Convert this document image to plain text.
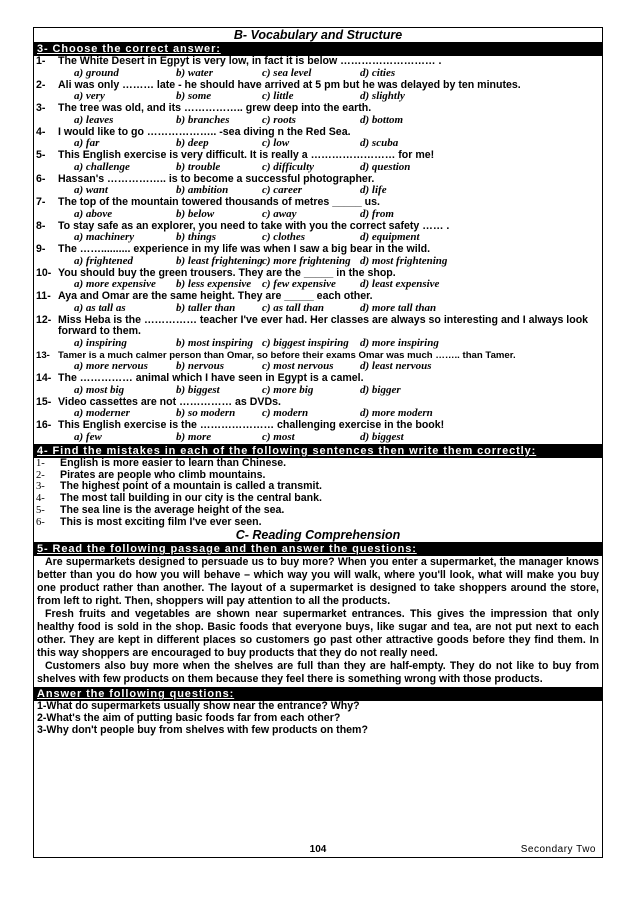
B- Vocabulary and Structure
3- Choose the correct answer:
1- The White Desert in Egpyt is very low, in fact it is below ……………………… .
a) ground	b) water	c) sea level	d) cities
2- Ali was only ……… late - he should have arrived at 5 pm but he was delayed by ten minutes.
a) very	b) some	c) little	d) slightly
3- The tree was old, and its …………….. grew deep into the earth.
a) leaves	b) branches	c) roots	d) bottom
4- I would like to go ……………….. -sea diving n the Red Sea.
a) far	b) deep	c) low	d) scuba
5- This English exercise is very difficult. It is really a …………………… for me!
a) challenge	b) trouble	c) difficulty	d) question
6- Hassan's …………….. is to become a successful photographer.
a) want	b) ambition	c) career	d) life
7- The top of the mountain towered thousands of metres _____ us.
a) above	b) below	c) away	d) from
8- To stay safe as an explorer, you need to take with you the correct safety …… .
a) machinery	b) things	c) clothes	d) equipment
9- The …….......... experience in my life was when I saw a big bear in the wild.
a) frightened	b) least frightening c) more frightening d) most frightening
10- You should buy the green trousers. They are the _____ in the shop.
a) more expensive b) less expensive c) few expensive d) least expensive
11- Aya and Omar are the same height. They are _____ each other.
a) as tall as	b) taller than c) as tall than	d) more tall than
12- Miss Heba is the …………… teacher I've ever had. Her classes are always so interesting and I always look forward to them.
a) inspiring	b) most inspiring c) biggest inspiring d) more inspiring
13- Tamer is a much calmer person than Omar, so before their exams Omar was much …….. than Tamer.
a) more nervous	b) nervous	c) most nervous d) least nervous
14- The …………… animal which I have seen in Egypt is a camel.
a) most big	b) biggest	c) more big	d) bigger
15- Video cassettes are not …………… as DVDs.
a) moderner	b) so modern c) modern	d) more modern
16- This English exercise is the ………………… challenging exercise in the book!
a) few	b) more	c) most	d) biggest
4- Find the mistakes in each of the following sentences then write them correctly:
1-	English is more easier to learn than Chinese.
2-	Pirates are people who climb mountains.
3-	The highest point of a mountain is called a transmit.
4-	The most tall building in our city is the central bank.
5-	The sea line is the average height of the sea.
6-	This is most exciting film I've ever seen.
C- Reading Comprehension
5- Read the following passage and then answer the questions:
Are supermarkets designed to persuade us to buy more? When you enter a supermarket, the manager knows better than you do how you will behave – which way you will walk, where you'll look, what will make you buy one product rather than another. The layout of a supermarket is designed to take shoppers around the store, from left to right. Then, shoppers will pay attention to all the products.
Fresh fruits and vegetables are shown near supermarket entrances. This gives the impression that only healthy food is sold in the shop. Basic foods that everyone buys, like sugar and tea, are not put next to each other. They are kept in different places so customers go past other attractive goods before they find them. In this way shoppers are encouraged to buy products that they do not really need.
Customers also buy more when the shelves are full than they are half-empty. They do not like to buy from shelves with few products on them because they feel there is something wrong with those products.
Answer the following questions:
1-What do supermarkets usually show near the entrance? Why?
2-What's the aim of putting basic foods far from each other?
3-Why don't people buy from shelves with few products on them?
104	Secondary Two
